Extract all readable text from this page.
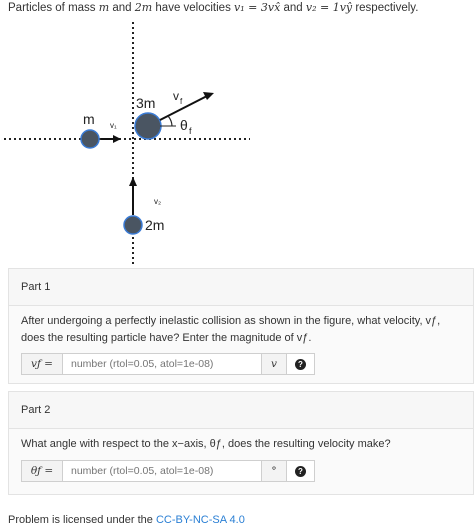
Particles of mass m and 2m have velocities v₁ = 3vx̂ and v₂ = 1vŷ respectively.
m v₁
3m v f
θ f
v₂
2m
Part 1
After undergoing a perfectly inelastic collision as shown in the figure, what velocity, vƒ, does the resulting particle have? Enter the magnitude of vƒ.
vƒ =
number (rtol=0.05, atol=1e-08)	v	?
Part 2
What angle with respect to the x−axis, θƒ, does the resulting velocity make?
θƒ =
number (rtol=0.05, atol=1e-08)	°	?
Problem is licensed under the CC-BY-NC-SA 4.0
